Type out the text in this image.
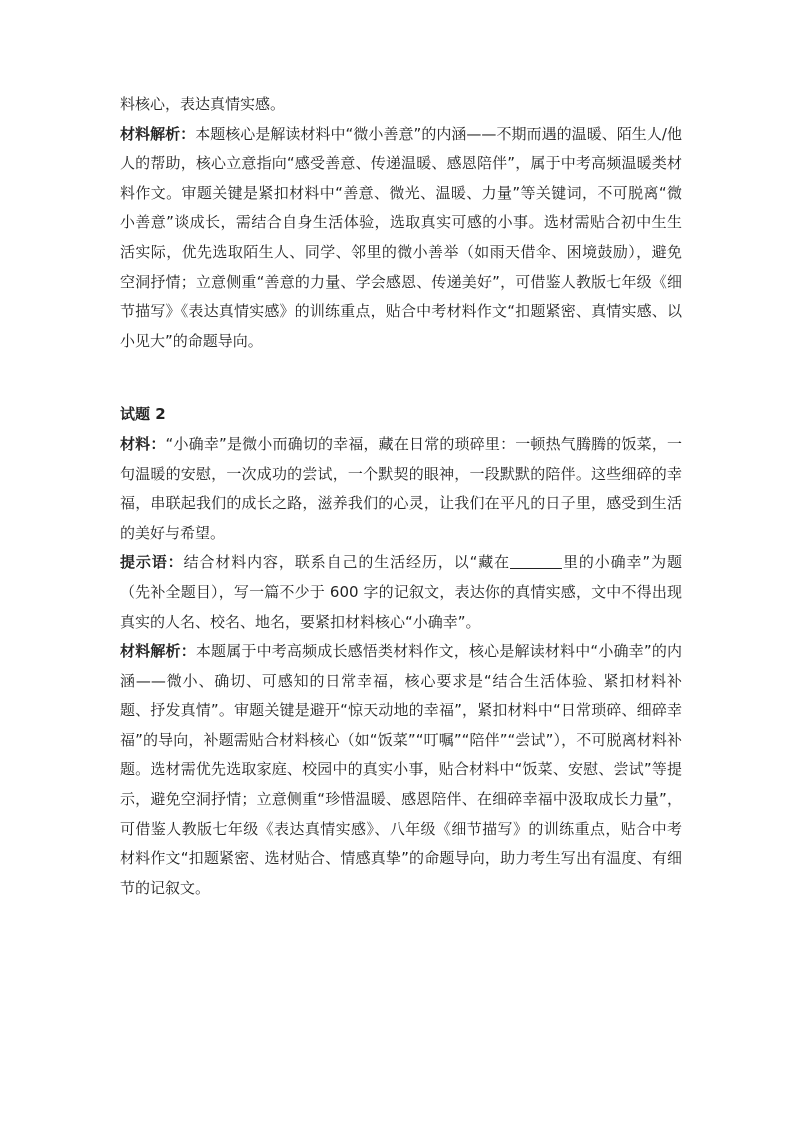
料核心，表达真情实感。

材料解析：本题核心是解读材料中“微小善意”的内涵——不期而遇的温暖、陌生人/他人的帮助，核心立意指向“感受善意、传递温暖、感恩陪伴”，属于中考高频温暖类材料作文。审题关键是紧扣材料中“善意、微光、温暖、力量”等关键词，不可脱离“微小善意”谈成长，需结合自身生活体验，选取真实可感的小事。选材需贴合初中生生活实际，优先选取陌生人、同学、邻里的微小善举（如雨天借伞、困境鼓励），避免空洞抒情；立意侧重“善意的力量、学会感恩、传递美好”，可借鉴人教版七年级《细节描写》《表达真情实感》的训练重点，贴合中考材料作文“扣题紧密、真情实感、以小见大”的命题导向。

试题 2

材料：“小确幸”是微小而确切的幸福，藏在日常的琐碎里：一顿热气腾腾的饭菜，一句温暖的安慰，一次成功的尝试，一个默契的眼神，一段默默的陪伴。这些细碎的幸福，串联起我们的成长之路，滋养我们的心灵，让我们在平凡的日子里，感受到生活的美好与希望。

提示语：结合材料内容，联系自己的生活经历，以“藏在	里的小确幸”为题（先补全题目），写一篇不少于 600 字的记叙文，表达你的真情实感，文中不得出现真实的人名、校名、地名，要紧扣材料核心“小确幸”。

材料解析：本题属于中考高频成长感悟类材料作文，核心是解读材料中“小确幸”的内涵——微小、确切、可感知的日常幸福，核心要求是“结合生活体验、紧扣材料补题、抒发真情”。审题关键是避开“惊天动地的幸福”，紧扣材料中“日常琐碎、细碎幸福”的导向，补题需贴合材料核心（如“饭菜”“叮嘱”“陪伴”“尝试”），不可脱离材料补题。选材需优先选取家庭、校园中的真实小事，贴合材料中“饭菜、安慰、尝试”等提示，避免空洞抒情；立意侧重“珍惜温暖、感恩陪伴、在细碎幸福中汲取成长力量”，可借鉴人教版七年级《表达真情实感》、八年级《细节描写》的训练重点，贴合中考材料作文“扣题紧密、选材贴合、情感真挚”的命题导向，助力考生写出有温度、有细节的记叙文。
